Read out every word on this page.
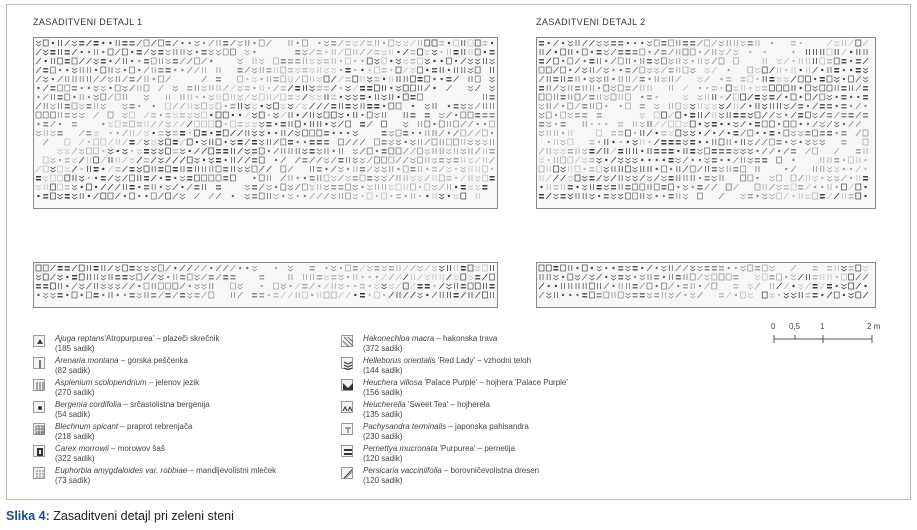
ZASADITVENI DETAJL 1	ZASADITVENI DETAJL 2
0 0,5 1	2 m
Ajuga reptans'Atropurpurea' – plazeči skrečnik
(185 sadik)
Arenaria montana – gorska peščenka
(82 sadik)
Asplenium scolopendrium – jelenov jezik
(270 sadik)
Bergenia cordifolia – srčastolistna bergenija
(54 sadik)
Blechnum spicant – praprot rebrenjača
(218 sadik)
Carex morrowii – morowov šaš
(322 sadik)
Euphorbia amygdaloides var. robbiae – mandljevolistni mleček
(73 sadik)
Hakonechloa macra – hakonska trava
(372 sadik)
Helleborus orientalis 'Red Lady' – vzhodni teloh
(144 sadik)
Heuchera villosa 'Palace Purple' – hojhera 'Palace Purple'
(156 sadik)
Heucherella 'Sweet Tea' – hojherela
(135 sadik)
Pachysandra terminalis – japonska pahisandra
(230 sadik)
Pernettya mucronata 'Purpurea' – pernetija
(120 sadik)
Persicaria vacciniifolia – borovničevolistna dresen
(120 sadik)
Slika 4: Zasaditveni detajl pri zeleni steni
